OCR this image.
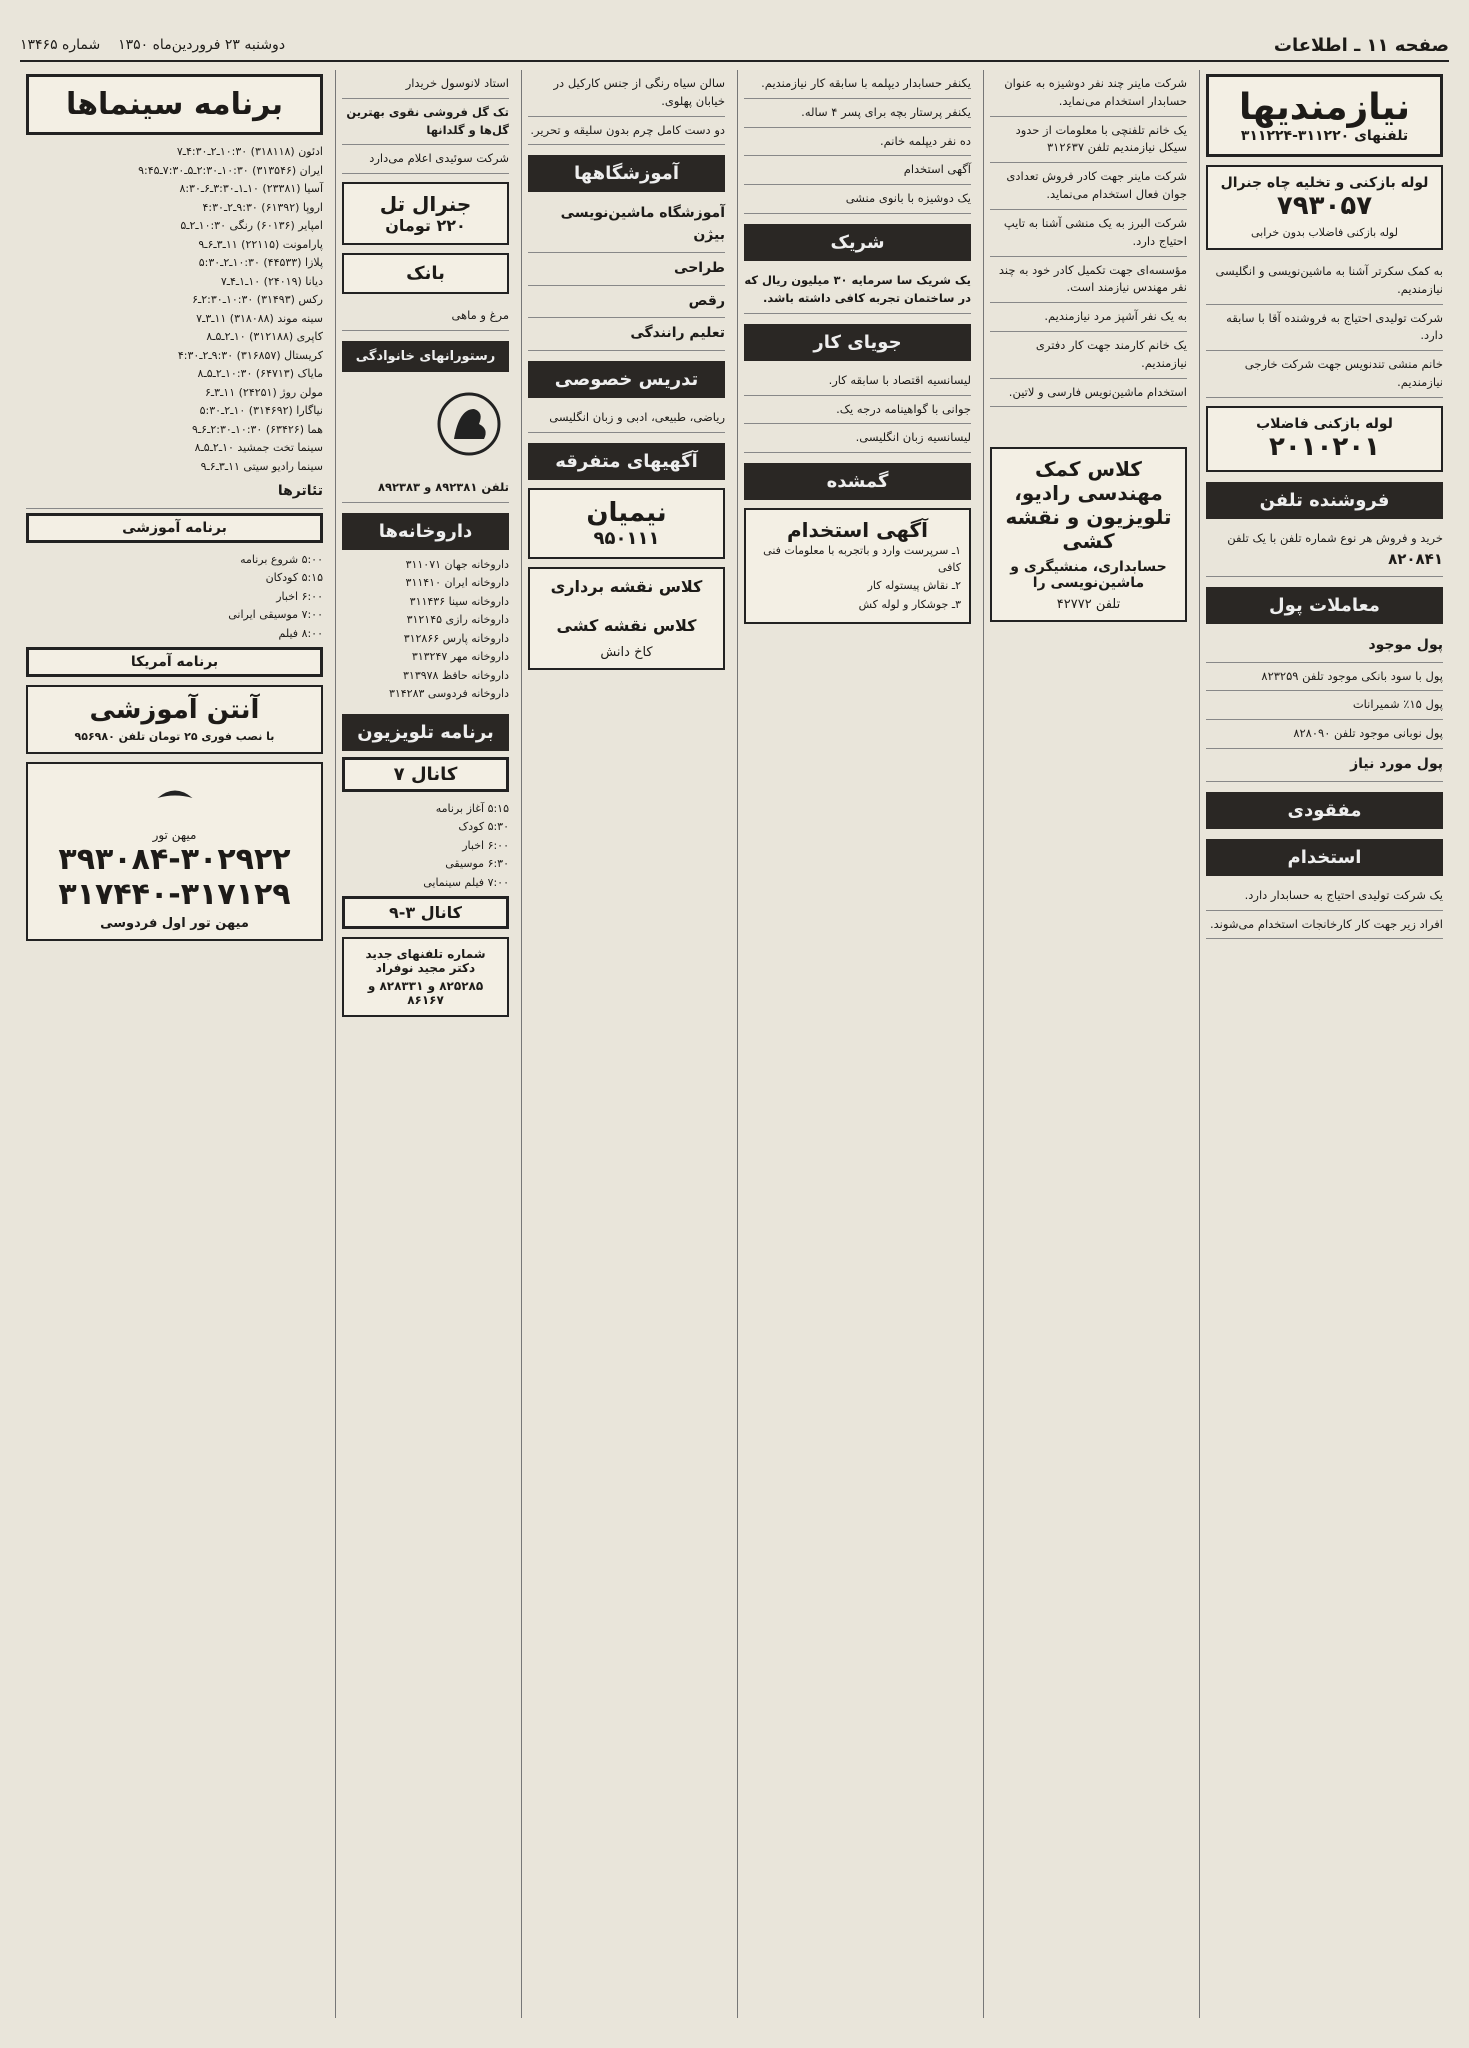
صفحه ۱۱ ـ اطلاعات
دوشنبه ۲۳ فروردین‌ماه ۱۳۵۰    شماره ۱۳۴۶۵
نیازمندیها
تلفنهای ۳۱۱۲۲۰-۳۱۱۲۲۴
لوله بازکنی و تخلیه چاه جنرال
۷۹۳۰۵۷
لوله بازکنی فاضلاب بدون خرابی
به کمک سکرتر آشنا به ماشین‌نویسی و انگلیسی نیازمندیم.
شرکت تولیدی احتیاج به فروشنده آقا با سابقه دارد.
خانم منشی تندنویس جهت شرکت خارجی نیازمندیم.
لوله بازکنی فاضلاب
۲۰۱۰۲۰۱
فروشنده تلفن
خرید و فروش هر نوع شماره تلفن با یک تلفن
۸۲۰۸۴۱
معاملات پول
پول موجود
پول با سود بانکی موجود تلفن ۸۲۳۲۵۹
پول ۱۵٪ شمیرانات
پول نوبانی موجود تلفن ۸۲۸۰۹۰
پول مورد نیاز
مفقودی
استخدام
یک شرکت تولیدی احتیاج به حسابدار دارد.
افراد زیر جهت کار کارخانجات استخدام می‌شوند.
شرکت ماینر چند نفر دوشیزه به عنوان حسابدار استخدام می‌نماید.
یک خانم تلفنچی با معلومات از حدود سیکل نیازمندیم تلفن ۳۱۲۶۳۷
شرکت ماینر جهت کادر فروش تعدادی جوان فعال استخدام می‌نماید.
شرکت البرز به یک منشی آشنا به تایپ احتیاج دارد.
مؤسسه‌ای جهت تکمیل کادر خود به چند نفر مهندس نیازمند است.
به یک نفر آشپز مرد نیازمندیم.
یک خانم کارمند جهت کار دفتری نیازمندیم.
استخدام ماشین‌نویس فارسی و لاتین.
کلاس کمک مهندسی رادیو، تلویزیون و نقشه کشی
حسابداری، منشیگری و ماشین‌نویسی را
تلفن ۴۲۷۷۲
یکنفر حسابدار دیپلمه با سابقه کار نیازمندیم.
یکنفر پرستار بچه برای پسر ۴ ساله.
ده نفر دیپلمه خانم.
آگهی استخدام
یک دوشیزه با بانوی منشی
شریک
یک شریک سا سرمایه ۳۰ میلیون ریال که در ساختمان تجربه کافی داشته باشد.
جویای کار
لیسانسیه اقتصاد با سابقه کار.
جوانی با گواهینامه درجه یک.
لیسانسیه زبان انگلیسی.
گمشده
آگهی استخدام
۱ـ سرپرست وارد و باتجربه با معلومات فنی کافی
۲ـ نقاش پیستوله کار
۳ـ جوشکار و لوله کش
سالن سیاه رنگی از جنس کارکیل در خیابان پهلوی.
دو دست کامل چرم بدون سلیقه و تحریر.
آموزشگاهها
آموزشگاه ماشین‌نویسی بیژن
طراحی
رقص
تعلیم رانندگی
تدریس خصوصی
ریاضی، طبیعی، ادبی و زبان انگلیسی
آگهیهای متفرقه
نیمیان
۹۵۰۱۱۱
کلاس نقشه برداری
کلاس نقشه کشی
کاخ دانش
استاد لانوسول خریدار
تک گل فروشی نقوی بهترین گل‌ها و گلدانها
شرکت سوئیدی اعلام می‌دارد
جنرال تل
۲۲۰ تومان
بانک
مرغ و ماهی
رستورانهای خانوادگی
تلفن ۸۹۲۳۸۱ و ۸۹۲۳۸۳
داروخانه‌ها
داروخانه جهان ۳۱۱۰۷۱
داروخانه ایران ۳۱۱۴۱۰
داروخانه سینا ۳۱۱۴۳۶
داروخانه رازی ۳۱۲۱۴۵
داروخانه پارس ۳۱۲۸۶۶
داروخانه مهر ۳۱۳۲۴۷
داروخانه حافظ ۳۱۳۹۷۸
داروخانه فردوسی ۳۱۴۲۸۳
برنامه تلویزیون
کانال ۷
۵:۱۵ آغاز برنامه
۵:۳۰ کودک
۶:۰۰ اخبار
۶:۳۰ موسیقی
۷:۰۰ فیلم سینمایی
کانال ۳-۹
شماره تلفنهای جدید دکتر مجید نوفراد
۸۲۵۲۸۵ و ۸۲۸۳۳۱ و ۸۶۱۶۷
برنامه سینماها
ادئون (۳۱۸۱۱۸) ۱۰:۳۰ـ۲ـ۴:۳۰ـ۷
ایران (۳۱۳۵۴۶) ۱۰:۳۰ـ۲:۳۰ـ۵ـ۷:۳۰ـ۹:۴۵
آسیا (۲۳۳۸۱) ۱۰ـ۱ـ۳:۳۰ـ۶ـ۸:۳۰
اروپا (۶۱۳۹۲) ۹:۳۰ـ۲ـ۴:۳۰
امپایر (۶۰۱۳۶) رنگی ۱۰:۳۰ـ۲ـ۵
پارامونت (۲۲۱۱۵) ۱۱ـ۳ـ۶ـ۹
پلازا (۴۴۵۳۳) ۱۰:۳۰ـ۲ـ۵:۳۰
دیانا (۲۴۰۱۹) ۱۰ـ۱ـ۴ـ۷
رکس (۳۱۴۹۳) ۱۰:۳۰ـ۲:۳۰ـ۶
سینه موند (۳۱۸۰۸۸) ۱۱ـ۳ـ۷
کاپری (۳۱۲۱۸۸) ۱۰ـ۲ـ۵ـ۸
کریستال (۳۱۶۸۵۷) ۹:۳۰ـ۲ـ۴:۳۰
مایاک (۶۴۷۱۳) ۱۰:۳۰ـ۲ـ۵ـ۸
مولن روژ (۲۴۲۵۱) ۱۱ـ۳ـ۶
نیاگارا (۳۱۴۶۹۲) ۱۰ـ۲ـ۵:۳۰
هما (۶۳۴۲۶) ۱۰:۳۰ـ۲:۳۰ـ۶ـ۹
سینما تخت جمشید ۱۰ـ۲ـ۵ـ۸
سینما رادیو سیتی ۱۱ـ۳ـ۶ـ۹
تئاترها
برنامه آموزشی
۵:۰۰ شروع برنامه
۵:۱۵ کودکان
۶:۰۰ اخبار
۷:۰۰ موسیقی ایرانی
۸:۰۰ فیلم
برنامه آمریکا
آنتن آموزشی
با نصب فوری ۲۵ تومان تلفن ۹۵۶۹۸۰
میهن تور
۳۹۳۰۸۴-۳۰۲۹۲۲
۳۱۷۴۴۰-۳۱۷۱۲۹
میهن تور اول فردوسی
